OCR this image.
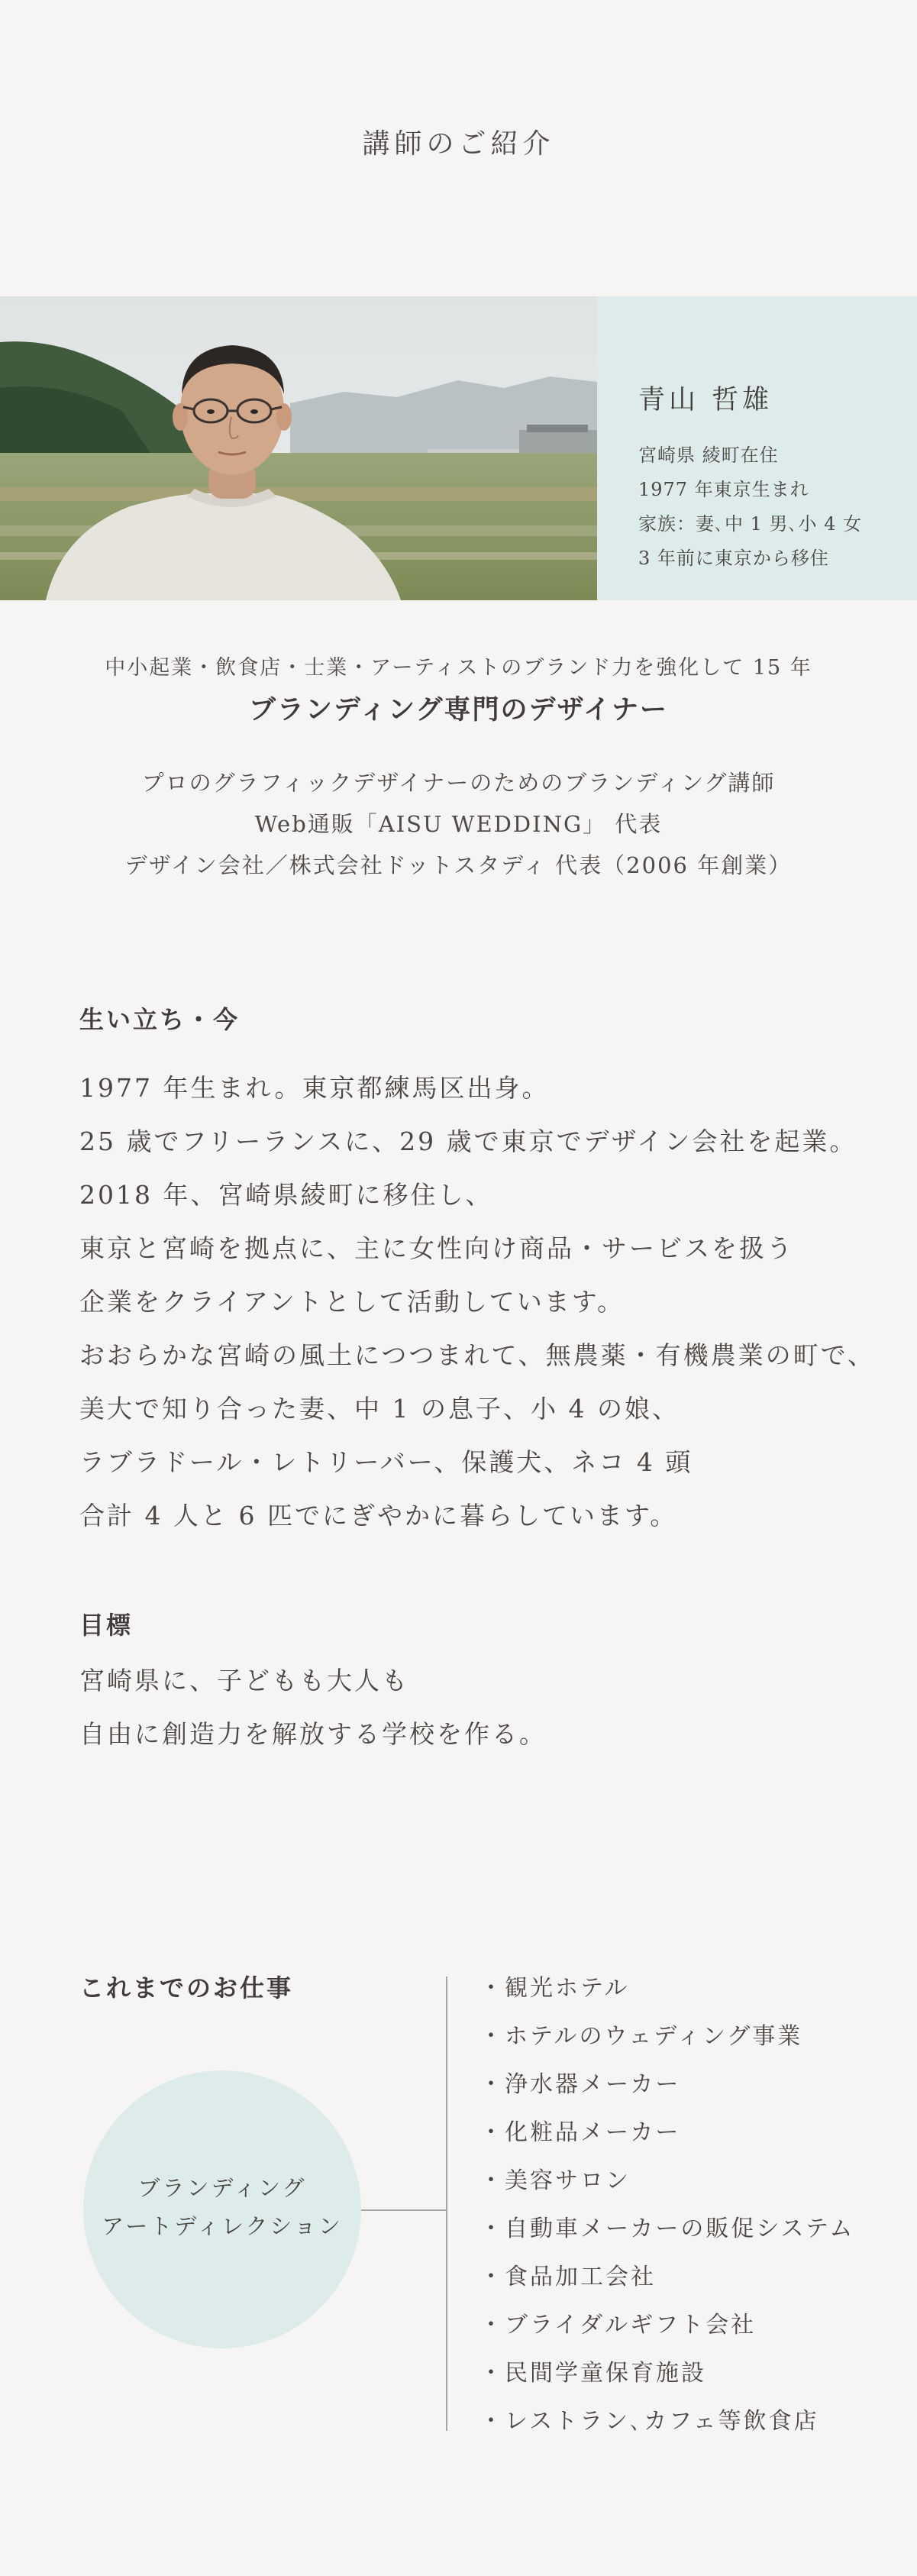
講師のご紹介
青山 哲雄
宮崎県 綾町在住
1977 年東京生まれ
家族：妻､中 1 男､小 4 女
3 年前に東京から移住
中小起業・飲食店・士業・アーティストのブランド力を強化して 15 年
ブランディング専門のデザイナー
プロのグラフィックデザイナーのためのブランディング講師
Web通販「AISU WEDDING」 代表
デザイン会社／株式会社ドットスタディ 代表（2006 年創業）
生い立ち・今
1977 年生まれ。東京都練馬区出身。
25 歳でフリーランスに、29 歳で東京でデザイン会社を起業。
2018 年、宮崎県綾町に移住し、
東京と宮崎を拠点に、主に女性向け商品・サービスを扱う
企業をクライアントとして活動しています。
おおらかな宮崎の風土につつまれて、無農薬・有機農業の町で、
美大で知り合った妻、中 1 の息子、小 4 の娘、
ラブラドール・レトリーバー、保護犬、ネコ 4 頭
合計 4 人と 6 匹でにぎやかに暮らしています。
目標
宮崎県に、子どもも大人も
自由に創造力を解放する学校を作る。
これまでのお仕事
ブランディング
アートディレクション
・ 観光ホテル
・ ホテルのウェディング事業
・ 浄水器メーカー
・ 化粧品メーカー
・ 美容サロン
・ 自動車メーカーの販促システム
・ 食品加工会社
・ ブライダルギフト会社
・ 民間学童保育施設
・ レストラン､カフェ等飲食店
